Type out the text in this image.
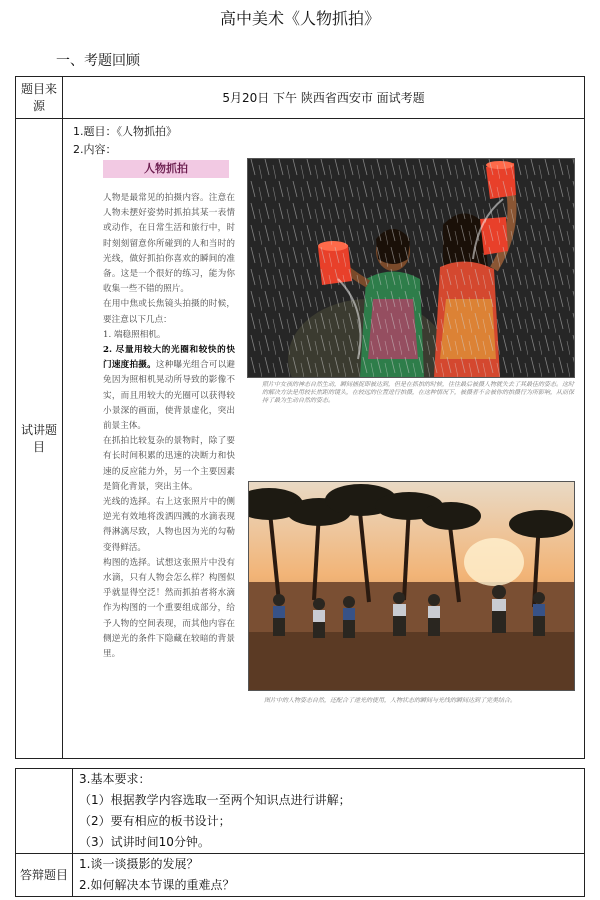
高中美术《人物抓拍》
一、考题回顾
题目来源	5月20日 下午 陕西省西安市 面试考题
试讲题目	1.题目：《人物抓拍》
2.内容：
人物抓拍
人物是最常见的拍摄内容。注意在人物未摆好姿势时抓拍其某一表情或动作，在日常生活和旅行中，时时刻刻留意你所碰到的人和当时的光线，做好抓拍你喜欢的瞬间的准备。这是一个很好的练习，能为你收集一些不错的照片。
在用中焦或长焦镜头拍摄的时候，要注意以下几点：
1. 端稳照相机。
2. 尽量用较大的光圈和较快的快门速度拍摄。这种曝光组合可以避免因为照相机晃动所导致的影像不实，而且用较大的光圈可以获得较小景深的画面，使背景虚化，突出前景主体。
在抓拍比较复杂的景物时，除了要有长时间积累的迅速的决断力和快速的反应能力外，另一个主要因素是简化背景，突出主体。
光线的选择。右上这张照片中的侧逆光有效地将泼洒四溅的水滴表现得淋漓尽致，人物也因为光的勾勒变得鲜活。
构图的选择。试想这张照片中没有水滴，只有人物会怎么样？构图似乎就显得空泛！然而抓拍者将水滴作为构图的一个重要组成部分，给予人物的空间表现，而其他内容在侧逆光的条件下隐藏在较暗的背景里。
照片中女孩的神态自然生动，瞬间捕捉即被达到，但是在抓拍的时候，往往最后被摄人物就失去了其最佳的姿态。这时的解决方法是用较长焦距的镜头，在较远的位置进行拍摄，在这种情况下，被摄者不会被你的拍摄行为所影响，从而保持了最为生动自然的姿态。
图片中的人物姿态自然，还配合了逆光的使用，人物状态的瞬间与光线的瞬间达到了完美结合。

	3.基本要求：
（1）根据教学内容选取一至两个知识点进行讲解；
（2）要有相应的板书设计；
（3）试讲时间10分钟。

答辩题目	1.谈一谈摄影的发展？
2.如何解决本节课的重难点？
